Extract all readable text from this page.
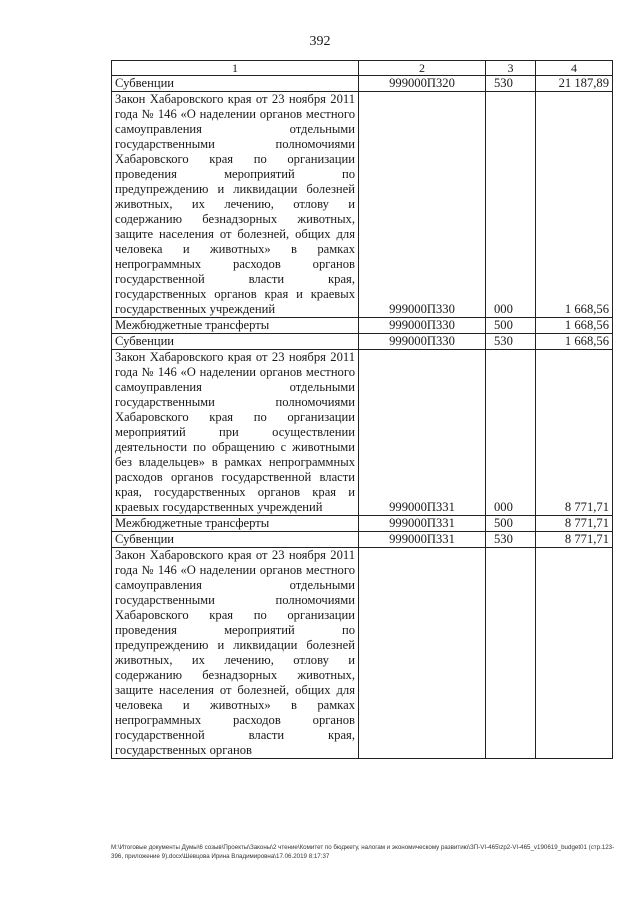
392
1	2	3	4
Субвенции	999000П320	530	21 187,89
Закон Хабаровского края от 23 ноября 2011 года № 146 «О наделении органов местного самоуправления отдельными государственными полномочиями Хабаровского края по организации проведения мероприятий по предупреждению и ликвидации болезней животных, их лечению, отлову и содержанию безнадзорных животных, защите населения от болезней, общих для человека и животных» в рамках непрограммных расходов органов государственной власти края, государственных органов края и краевых государственных учреждений	999000П330	000	1 668,56
Межбюджетные трансферты	999000П330	500	1 668,56
Субвенции	999000П330	530	1 668,56
Закон Хабаровского края от 23 ноября 2011 года № 146 «О наделении органов местного самоуправления отдельными государственными полномочиями Хабаровского края по организации мероприятий при осуществлении деятельности по обращению с животными без владельцев» в рамках непрограммных расходов органов государственной власти края, государственных органов края и краевых государственных учреждений	999000П331	000	8 771,71
Межбюджетные трансферты	999000П331	500	8 771,71
Субвенции	999000П331	530	8 771,71
Закон Хабаровского края от 23 ноября 2011 года № 146 «О наделении органов местного самоуправления отдельными государственными полномочиями Хабаровского края по организации проведения мероприятий по предупреждению и ликвидации болезней животных, их лечению, отлову и содержанию безнадзорных животных, защите населения от болезней, общих для человека и животных» в рамках непрограммных расходов органов государственной власти края, государственных органов			
M:\Итоговые документы Думы\6 созыв\Проекты\Законы\2 чтение\Комитет по бюджету, налогам и экономическому развитию\ЗП-VI-465\zp2-VI-465_v190619_budget01 (стр.123-396, приложение 9).docx\Шевцова Ирина Владимировна\17.06.2019 8:17:37
